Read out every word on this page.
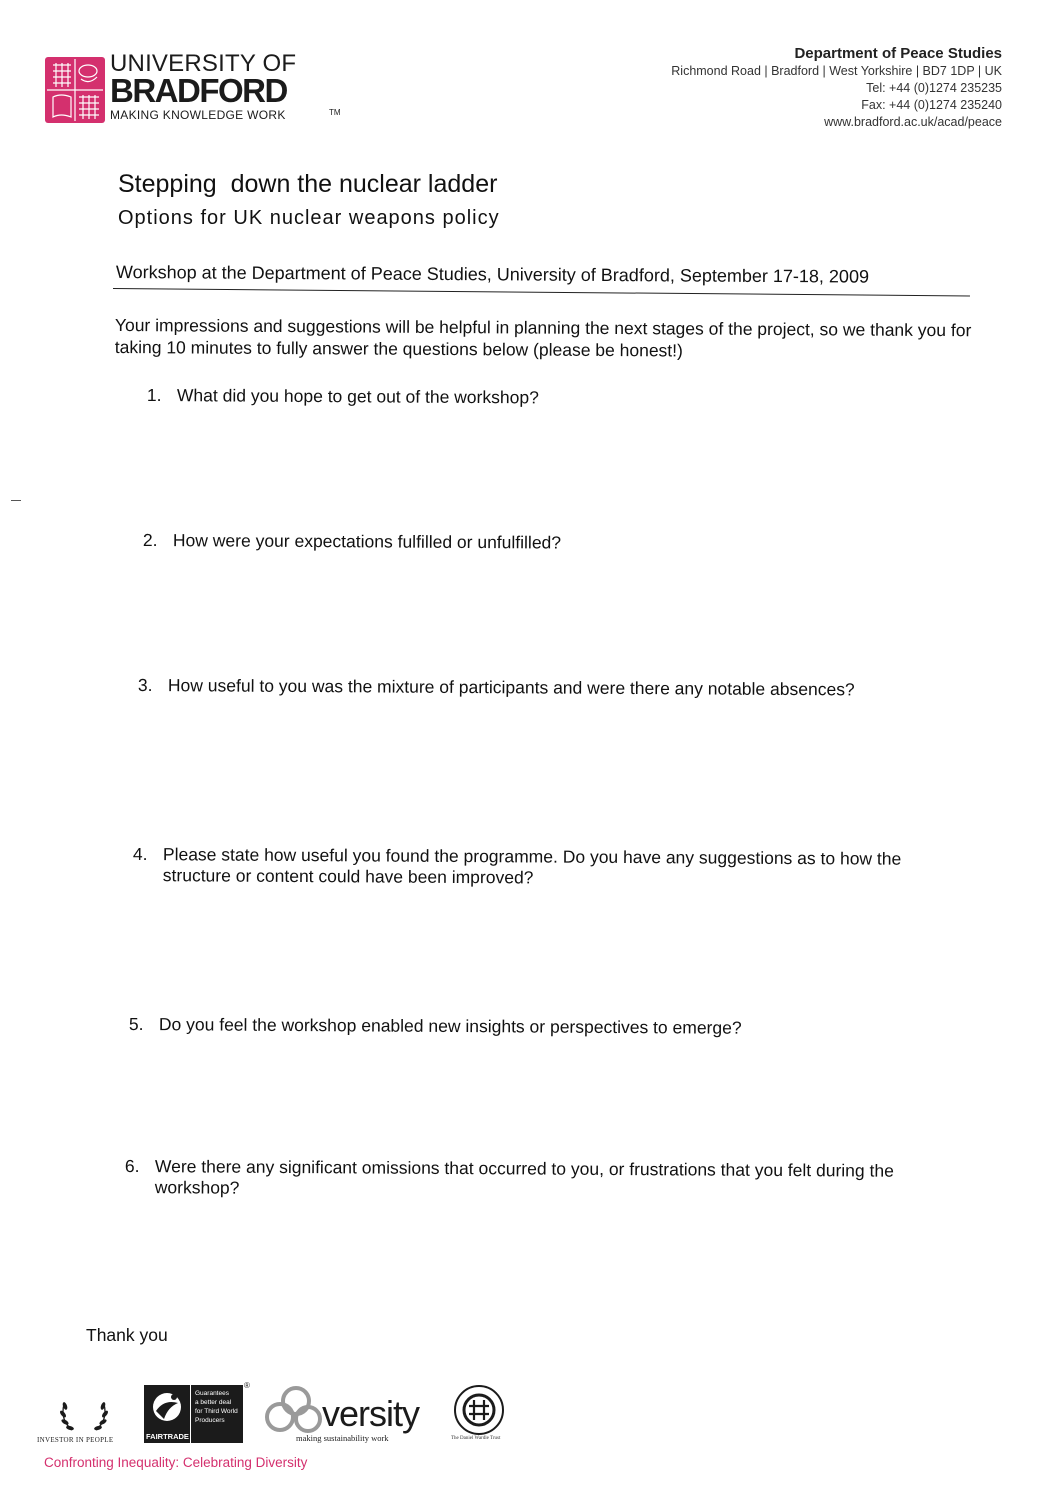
UNIVERSITY OF
BRADFORD
MAKING KNOWLEDGE WORK	TM
Department of Peace Studies
Richmond Road | Bradford | West Yorkshire | BD7 1DP | UK
Tel: +44 (0)1274 235235
Fax: +44 (0)1274 235240
www.bradford.ac.uk/acad/peace
Stepping  down the nuclear ladder
Options for UK nuclear weapons policy
Workshop at the Department of Peace Studies, University of Bradford, September 17-18, 2009
Your impressions and suggestions will be helpful in planning the next stages of the project, so we thank you for taking 10 minutes to fully answer the questions below (please be honest!)
1. What did you hope to get out of the workshop?
2. How were your expectations fulfilled or unfulfilled?
3. How useful to you was the mixture of participants and were there any notable absences?
4. Please state how useful you found the programme. Do you have any suggestions as to how the structure or content could have been improved?
5. Do you feel the workshop enabled new insights or perspectives to emerge?
6. Were there any significant omissions that occurred to you, or frustrations that you felt during the workshop?
Thank you
INVESTOR IN PEOPLE	FAIRTRADE
Guarantees
a better deal
for Third World
Producers
®
versity
making sustainability work	The Daniel Wardle Trust
Confronting Inequality: Celebrating Diversity
